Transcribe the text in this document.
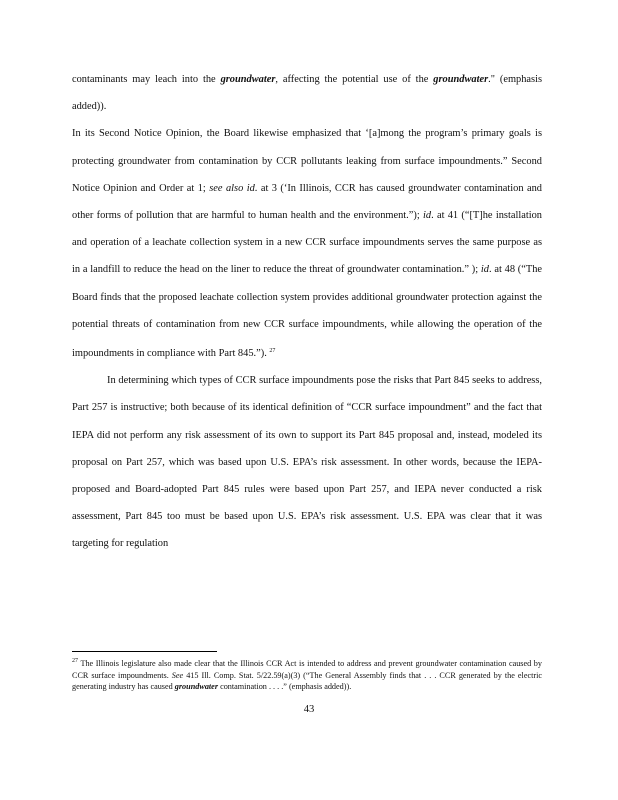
contaminants may leach into the groundwater, affecting the potential use of the groundwater." (emphasis added)).

In its Second Notice Opinion, the Board likewise emphasized that ‘[a]mong the program’s primary goals is protecting groundwater from contamination by CCR pollutants leaking from surface impoundments.” Second Notice Opinion and Order at 1; see also id. at 3 (‘In Illinois, CCR has caused groundwater contamination and other forms of pollution that are harmful to human health and the environment.”); id. at 41 (“[T]he installation and operation of a leachate collection system in a new CCR surface impoundments serves the same purpose as in a landfill to reduce the head on the liner to reduce the threat of groundwater contamination.” ); id. at 48 (“The Board finds that the proposed leachate collection system provides additional groundwater protection against the potential threats of contamination from new CCR surface impoundments, while allowing the operation of the impoundments in compliance with Part 845.”). $^{27}$

In determining which types of CCR surface impoundments pose the risks that Part 845 seeks to address, Part 257 is instructive; both because of its identical definition of “CCR surface impoundment” and the fact that IEPA did not perform any risk assessment of its own to support its Part 845 proposal and, instead, modeled its proposal on Part 257, which was based upon U.S. EPA’s risk assessment. In other words, because the IEPA-proposed and Board-adopted Part 845 rules were based upon Part 257, and IEPA never conducted a risk assessment, Part 845 too must be based upon U.S. EPA’s risk assessment. U.S. EPA was clear that it was targeting for regulation

$^{27}$ The Illinois legislature also made clear that the Illinois CCR Act is intended to address and prevent groundwater contamination caused by CCR surface impoundments. See 415 Ill. Comp. Stat. 5/22.59(a)(3) (“The General Assembly finds that . . . CCR generated by the electric generating industry has caused groundwater contamination . . . .” (emphasis added)).

43
